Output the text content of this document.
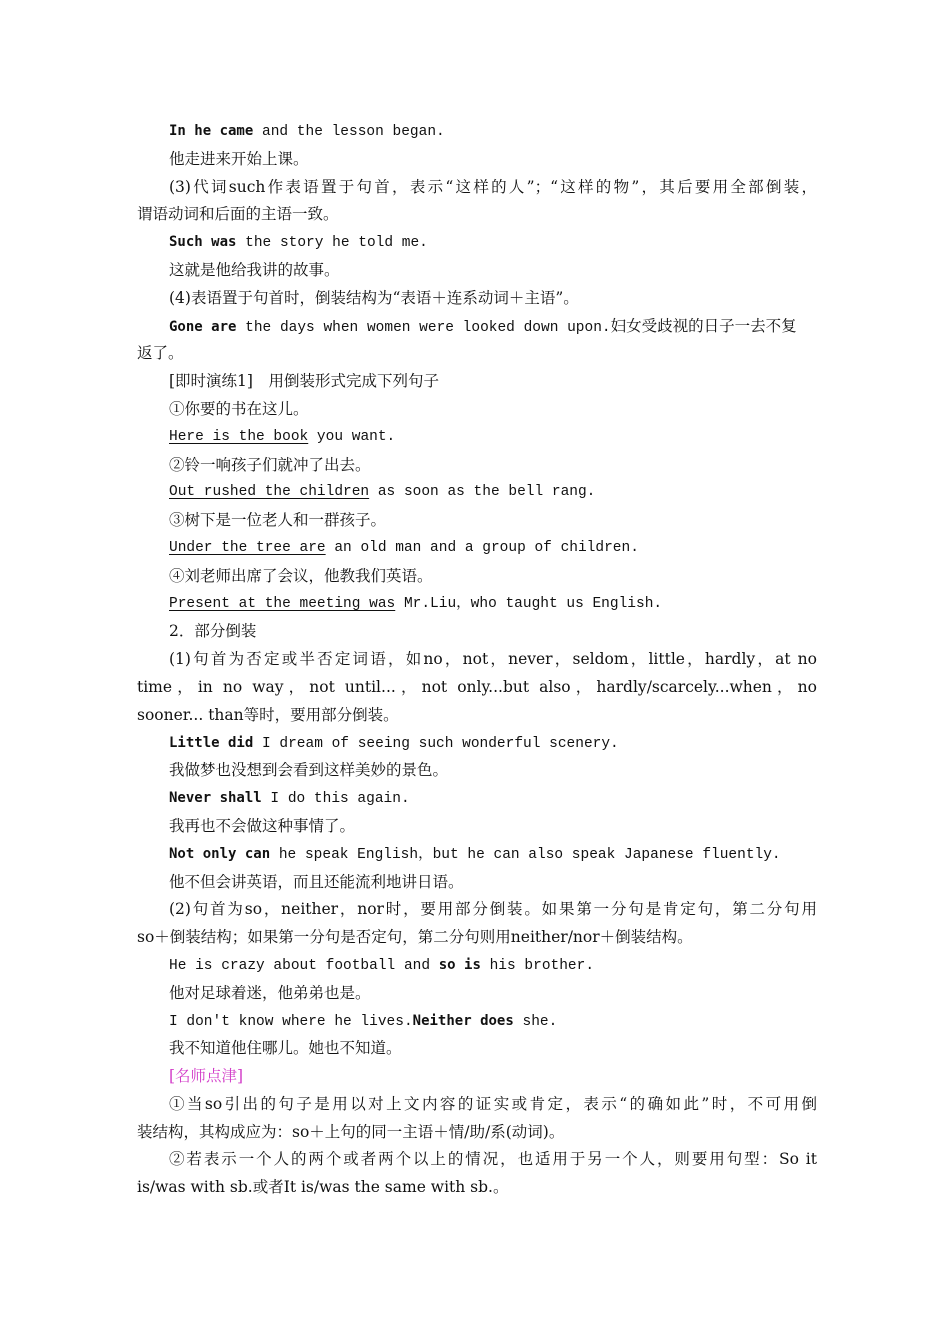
In he came and the lesson began.
他走进来开始上课。
(3)代词such作表语置于句首，表示“这样的人”；“这样的物”，其后要用全部倒装，
谓语动词和后面的主语一致。
Such was the story he told me.
这就是他给我讲的故事。
(4)表语置于句首时，倒装结构为“表语＋连系动词＋主语”。
Gone are the days when women were looked down upon.妇女受歧视的日子一去不复
返了。
[即时演练1]　用倒装形式完成下列句子
①你要的书在这儿。
Here is the book you want.
②铃一响孩子们就冲了出去。
Out rushed the children as soon as the bell rang.
③树下是一位老人和一群孩子。
Under the tree are an old man and a group of children.
④刘老师出席了会议，他教我们英语。
Present at the meeting was Mr.Liu，who taught us English.
2．部分倒装
(1)句首为否定或半否定词语，如no，not，never，seldom，little，hardly，at no
time，in no way，not until...，not only...but also，hardly/scarcely...when，no
sooner... than等时，要用部分倒装。
Little did I dream of seeing such wonderful scenery.
我做梦也没想到会看到这样美妙的景色。
Never shall I do this again.
我再也不会做这种事情了。
Not only can he speak English，but he can also speak Japanese fluently.
他不但会讲英语，而且还能流利地讲日语。
(2)句首为so，neither，nor时，要用部分倒装。如果第一分句是肯定句，第二分句用
so＋倒装结构；如果第一分句是否定句，第二分句则用neither/nor＋倒装结构。
He is crazy about football and so is his brother.
他对足球着迷，他弟弟也是。
I don't know where he lives.Neither does she.
我不知道他住哪儿。她也不知道。
[名师点津]
①当so引出的句子是用以对上文内容的证实或肯定，表示“的确如此”时，不可用倒
装结构，其构成应为：so＋上句的同一主语＋情/助/系(动词)。
②若表示一个人的两个或者两个以上的情况，也适用于另一个人，则要用句型：So it
is/was with sb.或者It is/was the same with sb.。
